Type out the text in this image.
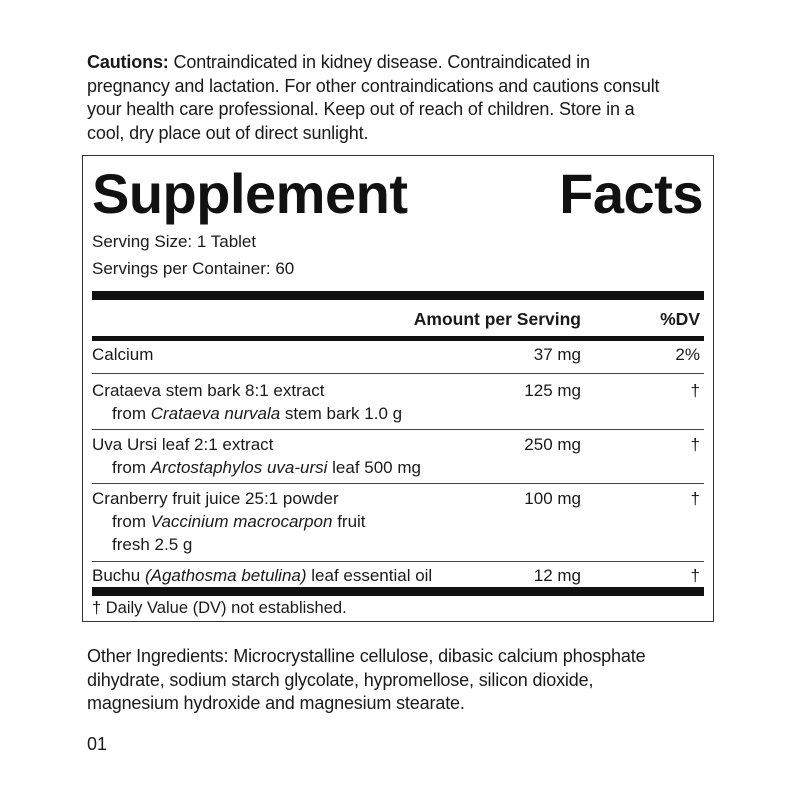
Cautions: Contraindicated in kidney disease. Contraindicated in
pregnancy and lactation. For other contraindications and cautions consult
your health care professional. Keep out of reach of children. Store in a
cool, dry place out of direct sunlight.
Supplement	Facts
Serving Size: 1 Tablet
Servings per Container: 60
Amount per Serving	%DV
Calcium	37 mg	2%
Crataeva stem bark 8:1 extract
from Crataeva nurvala stem bark 1.0 g
125 mg	†
Uva Ursi leaf 2:1 extract
from Arctostaphylos uva-ursi leaf 500 mg
250 mg	†
Cranberry fruit juice 25:1 powder
from Vaccinium macrocarpon fruit
fresh 2.5 g
100 mg	†
Buchu (Agathosma betulina) leaf essential oil	12 mg	†
† Daily Value (DV) not established.
Other Ingredients: Microcrystalline cellulose, dibasic calcium phosphate
dihydrate, sodium starch glycolate, hypromellose, silicon dioxide,
magnesium hydroxide and magnesium stearate.
01
